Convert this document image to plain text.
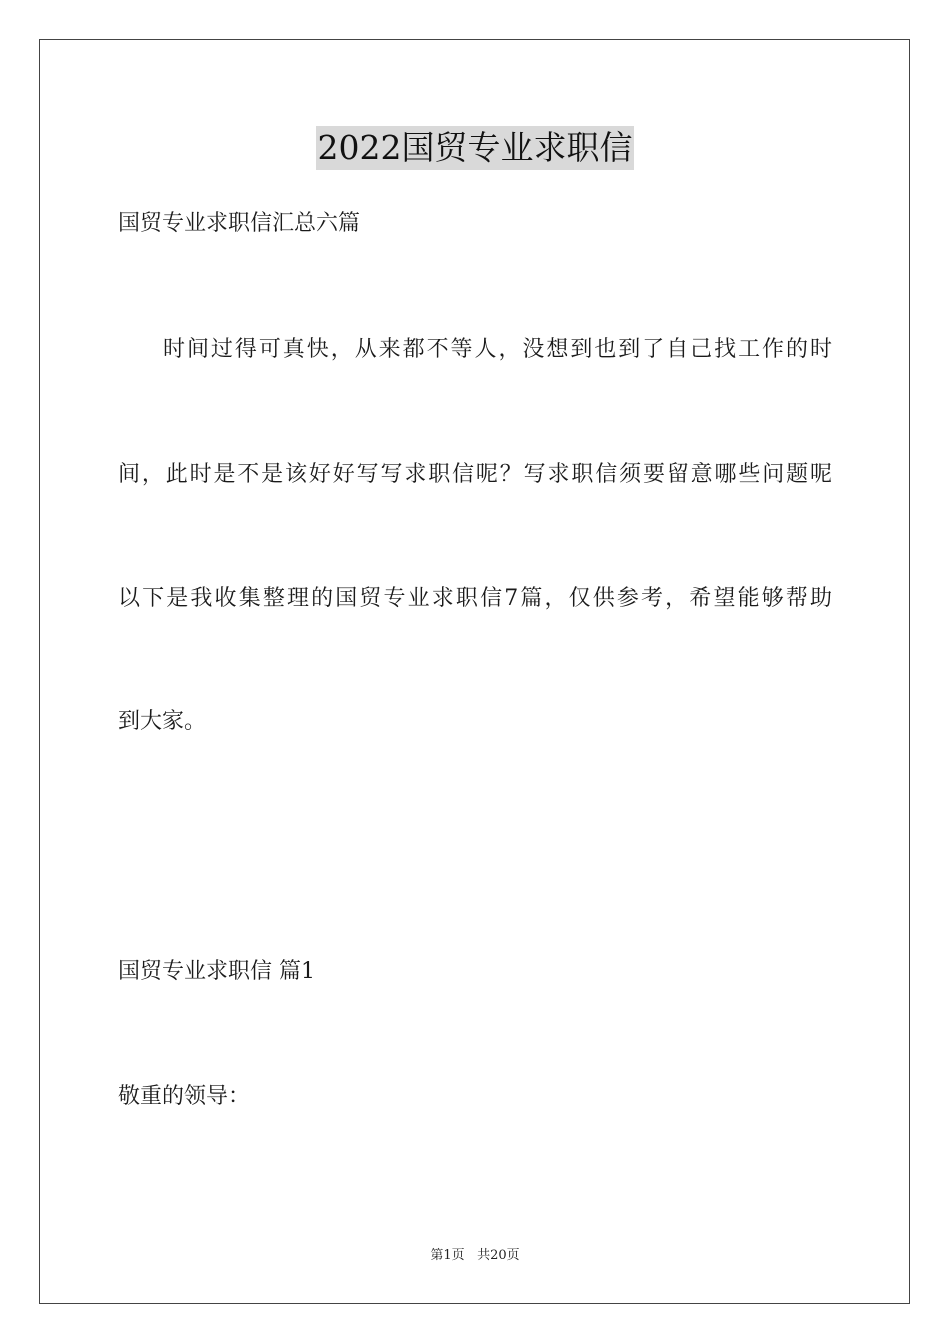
2022国贸专业求职信
国贸专业求职信汇总六篇
时间过得可真快，从来都不等人，没想到也到了自己找工作的时
间，此时是不是该好好写写求职信呢？写求职信须要留意哪些问题呢
以下是我收集整理的国贸专业求职信7篇，仅供参考，希望能够帮助
到大家。
国贸专业求职信 篇1
敬重的领导：
第1页 共20页
